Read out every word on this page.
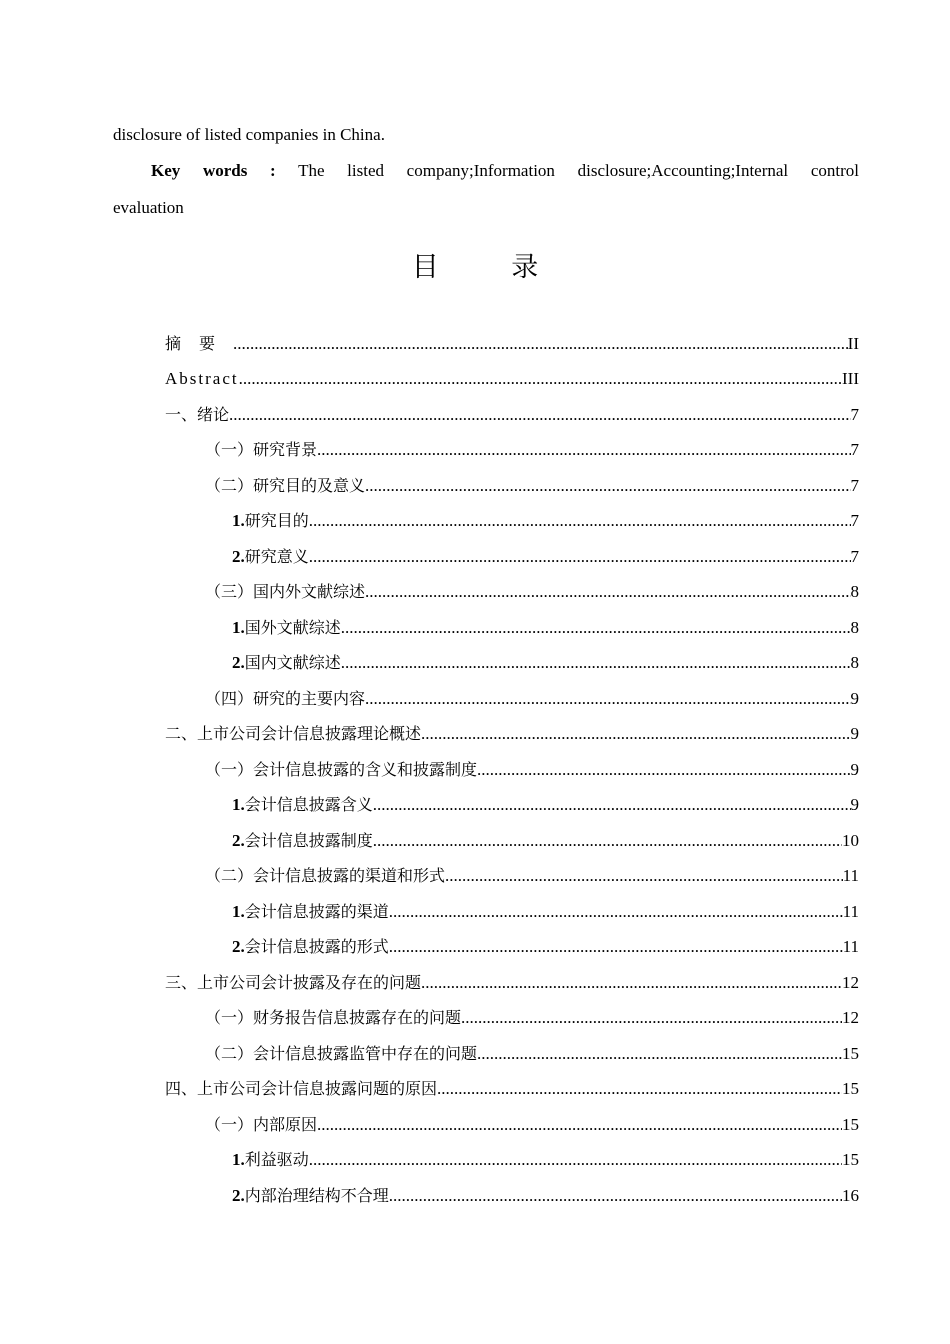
disclosure of listed companies in China.
Key words : The listed company;Information disclosure;Accounting;Internal control
evaluation
目 录
摘要 .....	II
Abstract .....	III
一、绪论 .....	7
（一）研究背景 .....	7
（二）研究目的及意义 .....	7
1.研究目的 .....	7
2.研究意义 .....	7
（三）国内外文献综述 .....	8
1.国外文献综述 .....	8
2.国内文献综述 .....	8
（四）研究的主要内容 .....	9
二、上市公司会计信息披露理论概述 .....	9
（一）会计信息披露的含义和披露制度 .....	9
1.会计信息披露含义 .....	9
2.会计信息披露制度 .....	10
（二）会计信息披露的渠道和形式 .....	11
1.会计信息披露的渠道 .....	11
2.会计信息披露的形式 .....	11
三、上市公司会计披露及存在的问题 .....	12
（一）财务报告信息披露存在的问题 .....	12
（二）会计信息披露监管中存在的问题 .....	15
四、上市公司会计信息披露问题的原因 .....	15
（一）内部原因 .....	15
1.利益驱动 .....	15
2.内部治理结构不合理 .....	16
